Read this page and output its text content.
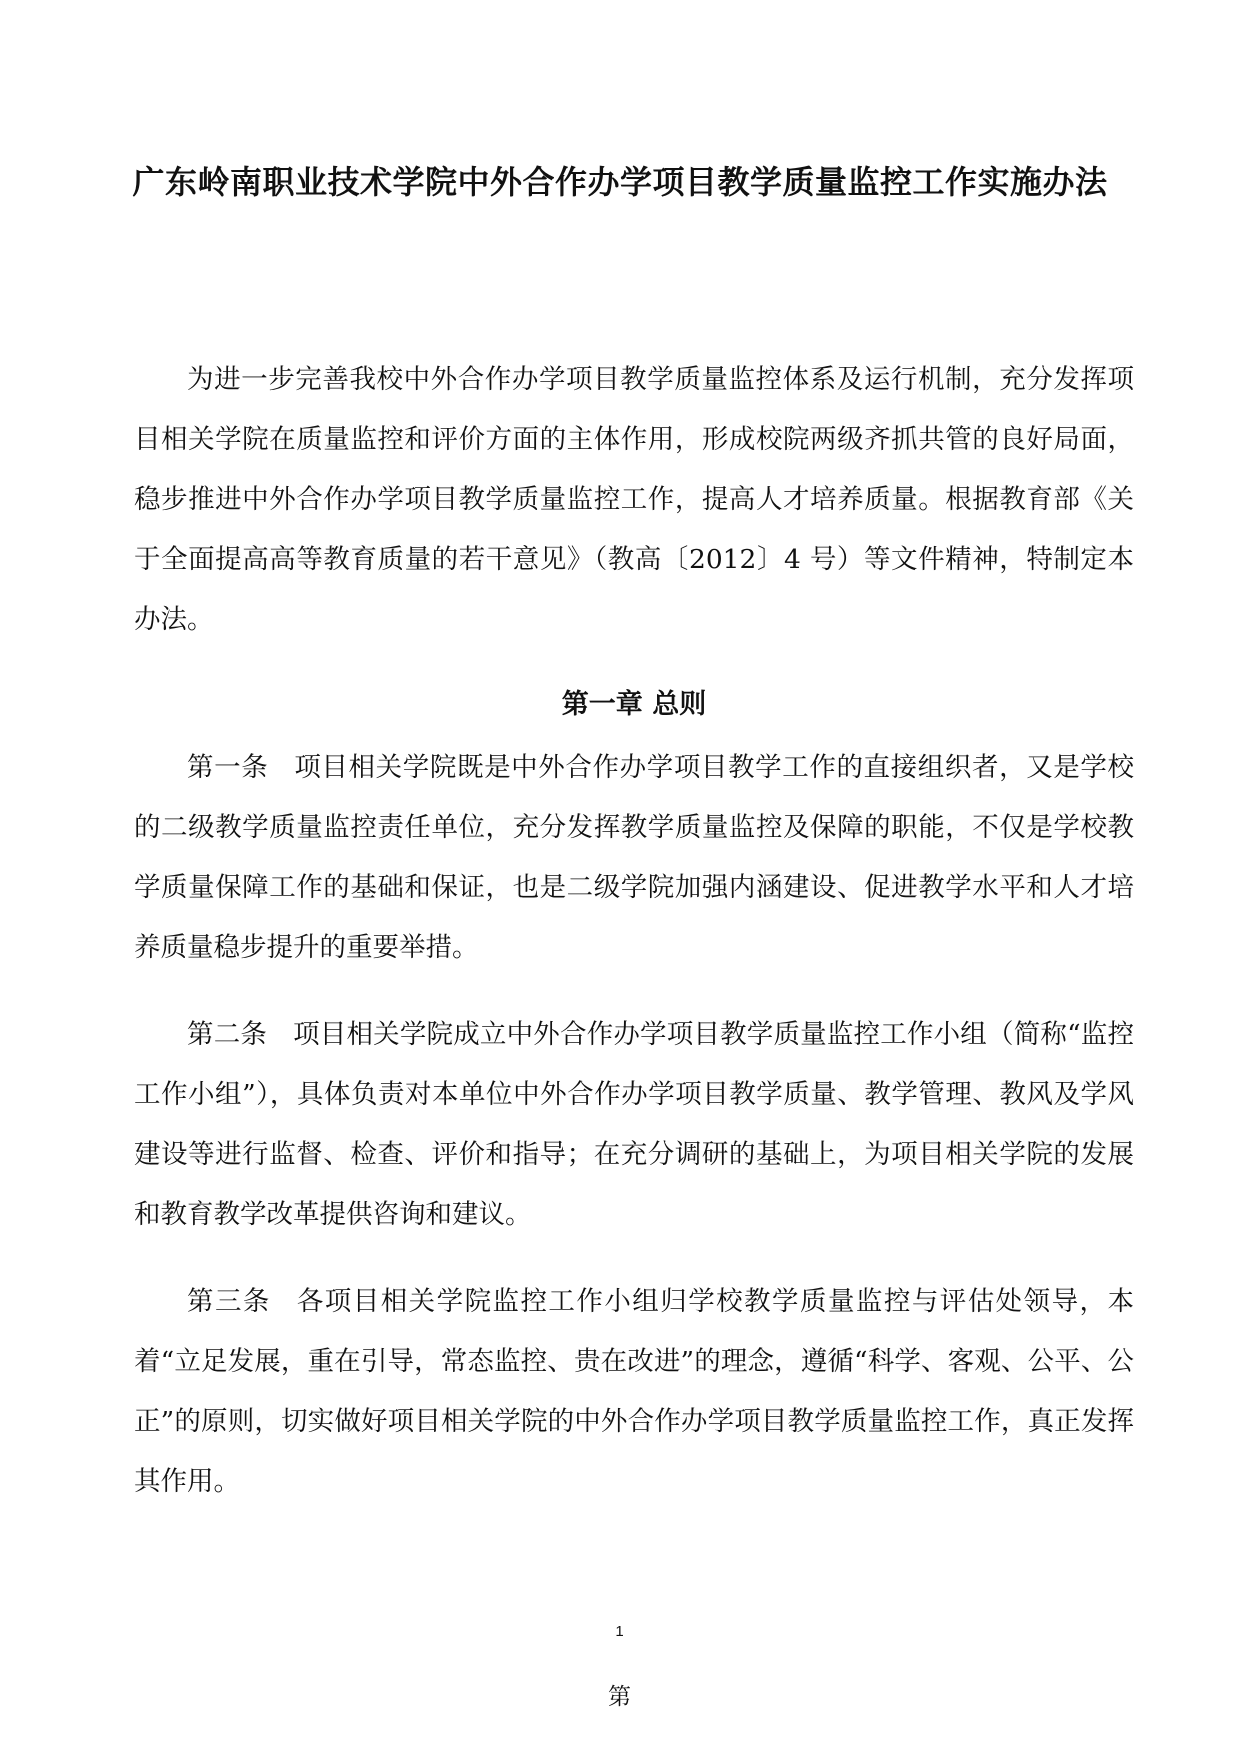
广东岭南职业技术学院中外合作办学项目教学质量监控工作实施办法

为进一步完善我校中外合作办学项目教学质量监控体系及运行机制，充分发挥项目相关学院在质量监控和评价方面的主体作用，形成校院两级齐抓共管的良好局面，稳步推进中外合作办学项目教学质量监控工作，提高人才培养质量。根据教育部《关于全面提高高等教育质量的若干意见》（教高〔2012〕4 号）等文件精神，特制定本办法。

第一章 总则

第一条 项目相关学院既是中外合作办学项目教学工作的直接组织者，又是学校的二级教学质量监控责任单位，充分发挥教学质量监控及保障的职能，不仅是学校教学质量保障工作的基础和保证，也是二级学院加强内涵建设、促进教学水平和人才培养质量稳步提升的重要举措。

第二条 项目相关学院成立中外合作办学项目教学质量监控工作小组（简称“监控工作小组”），具体负责对本单位中外合作办学项目教学质量、教学管理、教风及学风建设等进行监督、检查、评价和指导；在充分调研的基础上，为项目相关学院的发展和教育教学改革提供咨询和建议。

第三条 各项目相关学院监控工作小组归学校教学质量监控与评估处领导，本着“立足发展，重在引导，常态监控、贵在改进”的理念，遵循“科学、客观、公平、公正”的原则，切实做好项目相关学院的中外合作办学项目教学质量监控工作，真正发挥其作用。

1
第
